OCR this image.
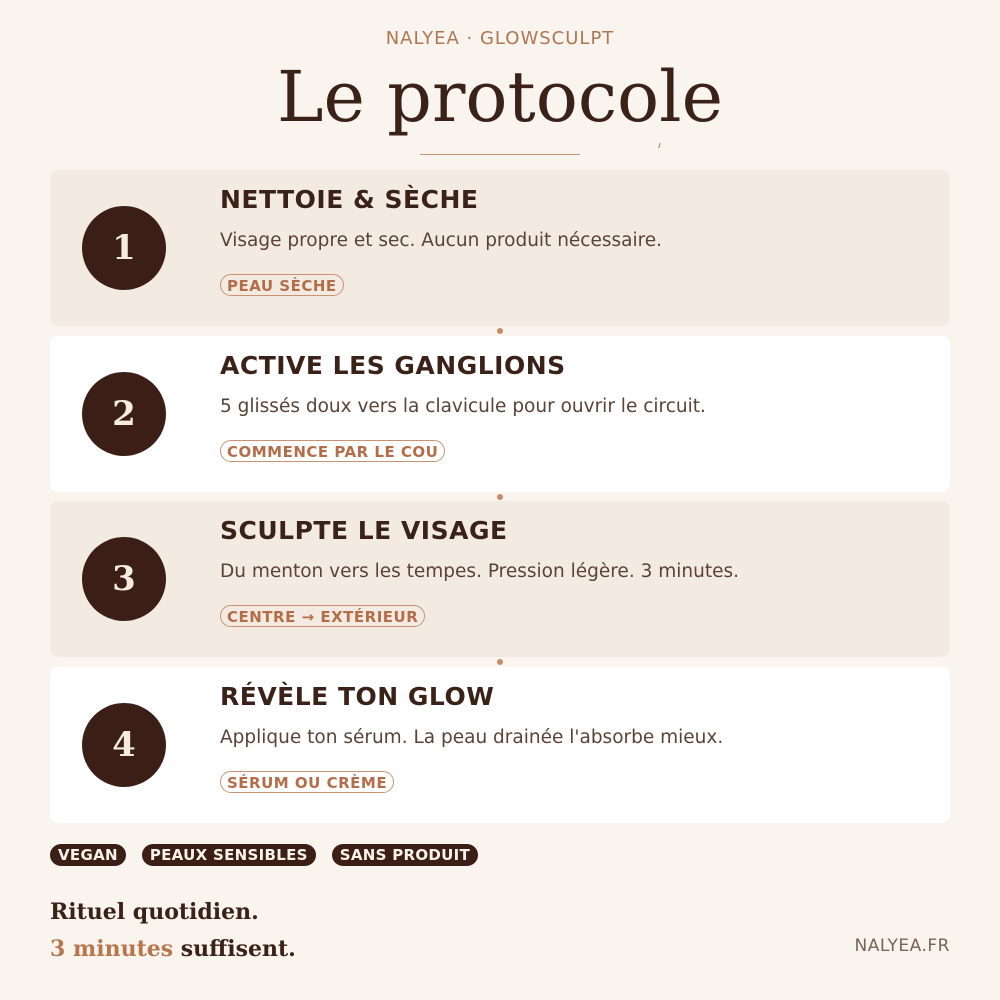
NALYEA · GLOWSCULPT
Le protocole
1
NETTOIE & SÈCHE
Visage propre et sec. Aucun produit nécessaire.
PEAU SÈCHE
2
ACTIVE LES GANGLIONS
5 glissés doux vers la clavicule pour ouvrir le circuit.
COMMENCE PAR LE COU
3
SCULPTE LE VISAGE
Du menton vers les tempes. Pression légère. 3 minutes.
CENTRE → EXTÉRIEUR
4
RÉVÈLE TON GLOW
Applique ton sérum. La peau drainée l'absorbe mieux.
SÉRUM OU CRÈME
VEGAN	PEAUX SENSIBLES	SANS PRODUIT
Rituel quotidien.
3 minutes suffisent.	NALYEA.FR
